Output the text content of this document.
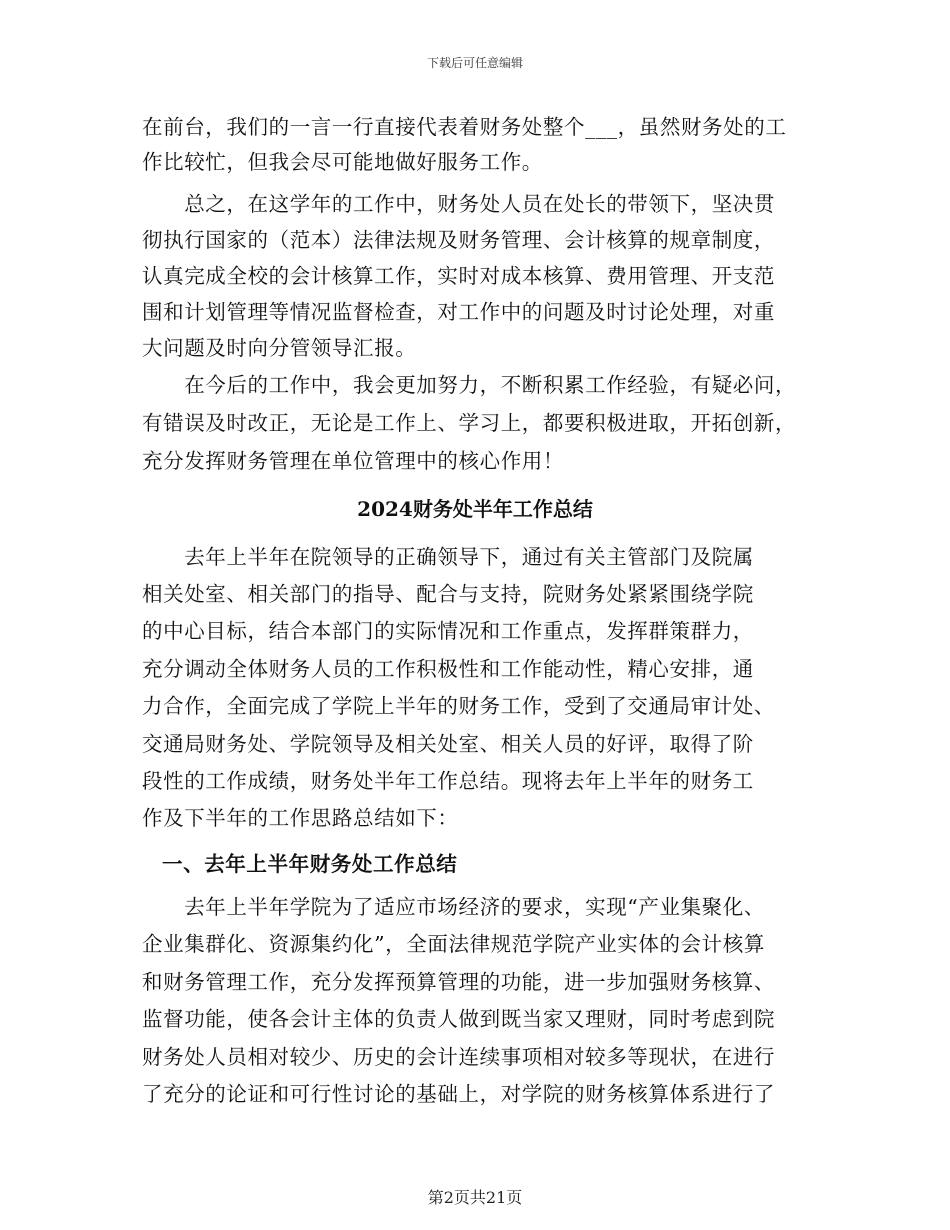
下载后可任意编辑
在前台，我们的一言一行直接代表着财务处整个___，虽然财务处的工
作比较忙，但我会尽可能地做好服务工作。
　　总之，在这学年的工作中，财务处人员在处长的带领下，坚决贯
彻执行国家的（范本）法律法规及财务管理、会计核算的规章制度，
认真完成全校的会计核算工作，实时对成本核算、费用管理、开支范
围和计划管理等情况监督检查，对工作中的问题及时讨论处理，对重
大问题及时向分管领导汇报。
　　在今后的工作中，我会更加努力，不断积累工作经验，有疑必问，
有错误及时改正，无论是工作上、学习上，都要积极进取，开拓创新，
充分发挥财务管理在单位管理中的核心作用！
2024财务处半年工作总结
　　去年上半年在院领导的正确领导下，通过有关主管部门及院属
相关处室、相关部门的指导、配合与支持，院财务处紧紧围绕学院
的中心目标，结合本部门的实际情况和工作重点，发挥群策群力，
充分调动全体财务人员的工作积极性和工作能动性，精心安排，通
力合作，全面完成了学院上半年的财务工作，受到了交通局审计处、
交通局财务处、学院领导及相关处室、相关人员的好评，取得了阶
段性的工作成绩，财务处半年工作总结。现将去年上半年的财务工
作及下半年的工作思路总结如下：
一、去年上半年财务处工作总结
　　去年上半年学院为了适应市场经济的要求，实现“产业集聚化、
企业集群化、资源集约化”，全面法律规范学院产业实体的会计核算
和财务管理工作，充分发挥预算管理的功能，进一步加强财务核算、
监督功能，使各会计主体的负责人做到既当家又理财，同时考虑到院
财务处人员相对较少、历史的会计连续事项相对较多等现状，在进行
了充分的论证和可行性讨论的基础上，对学院的财务核算体系进行了
第2页共21页
